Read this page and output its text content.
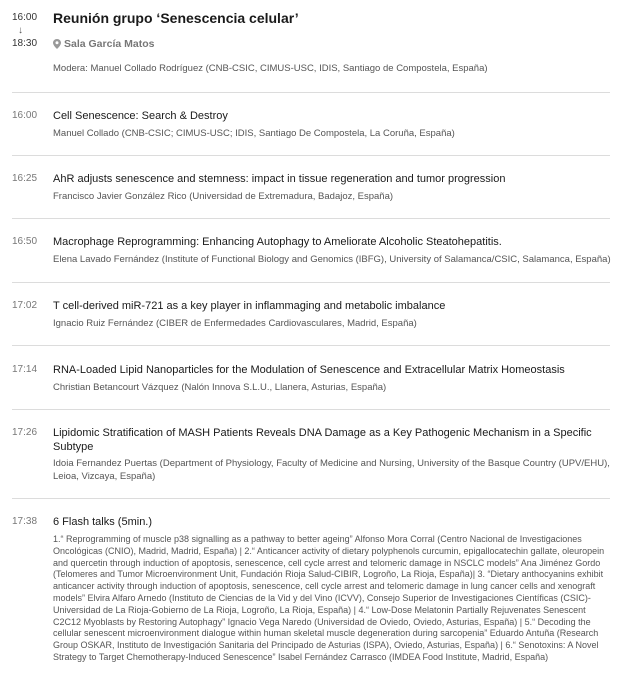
16:00
↓
18:30
Reunión grupo ‘Senescencia celular’
Sala García Matos
Modera: Manuel Collado Rodríguez (CNB-CSIC, CIMUS-USC, IDIS, Santiago de Compostela, España)
16:00 Cell Senescence: Search & Destroy
Manuel Collado (CNB-CSIC; CIMUS-USC; IDIS, Santiago De Compostela, La Coruña, España)
16:25 AhR adjusts senescence and stemness: impact in tissue regeneration and tumor progression
Francisco Javier González Rico (Universidad de Extremadura, Badajoz, España)
16:50 Macrophage Reprogramming: Enhancing Autophagy to Ameliorate Alcoholic Steatohepatitis.
Elena Lavado Fernández (Institute of Functional Biology and Genomics (IBFG), University of Salamanca/CSIC, Salamanca, España)
17:02 T cell-derived miR-721 as a key player in inflammaging and metabolic imbalance
Ignacio Ruiz Fernández (CIBER de Enfermedades Cardiovasculares, Madrid, España)
17:14 RNA-Loaded Lipid Nanoparticles for the Modulation of Senescence and Extracellular Matrix Homeostasis
Christian Betancourt Vázquez (Nalón Innova S.L.U., Llanera, Asturias, España)
17:26 Lipidomic Stratification of MASH Patients Reveals DNA Damage as a Key Pathogenic Mechanism in a Specific Subtype
Idoia Fernandez Puertas (Department of Physiology, Faculty of Medicine and Nursing, University of the Basque Country (UPV/EHU), Leioa, Vizcaya, España)
17:38 6 Flash talks (5min.)
1.“ Reprogramming of muscle p38 signalling as a pathway to better ageing” Alfonso Mora Corral (Centro Nacional de Investigaciones Oncológicas (CNIO), Madrid, Madrid, España) | 2.“ Anticancer activity of dietary polyphenols curcumin, epigallocatechin gallate, oleuropein and quercetin through induction of apoptosis, senescence, cell cycle arrest and telomeric damage in NSCLC models” Ana Jiménez Gordo (Telomeres and Tumor Microenvironment Unit, Fundación Rioja Salud-CIBIR, Logroño, La Rioja, España)| 3. “Dietary anthocyanins exhibit anticancer activity through induction of apoptosis, senescence, cell cycle arrest and telomeric damage in lung cancer cells and xenograft models” Elvira Alfaro Arnedo (Instituto de Ciencias de la Vid y del Vino (ICVV), Consejo Superior de Investigaciones Científicas (CSIC)-Universidad de La Rioja-Gobierno de La Rioja, Logroño, La Rioja, España) | 4.“ Low-Dose Melatonin Partially Rejuvenates Senescent C2C12 Myoblasts by Restoring Autophagy” Ignacio Vega Naredo (Universidad de Oviedo, Oviedo, Asturias, España) | 5.“ Decoding the cellular senescent microenvironment dialogue within human skeletal muscle degeneration during sarcopenia” Eduardo Antuña (Research Group OSKAR, Instituto de Investigación Sanitaria del Principado de Asturias (ISPA), Oviedo, Asturias, España) | 6.“ Senotoxins: A Novel Strategy to Target Chemotherapy-Induced Senescence” Isabel Fernández Carrasco (IMDEA Food Institute, Madrid, España)
